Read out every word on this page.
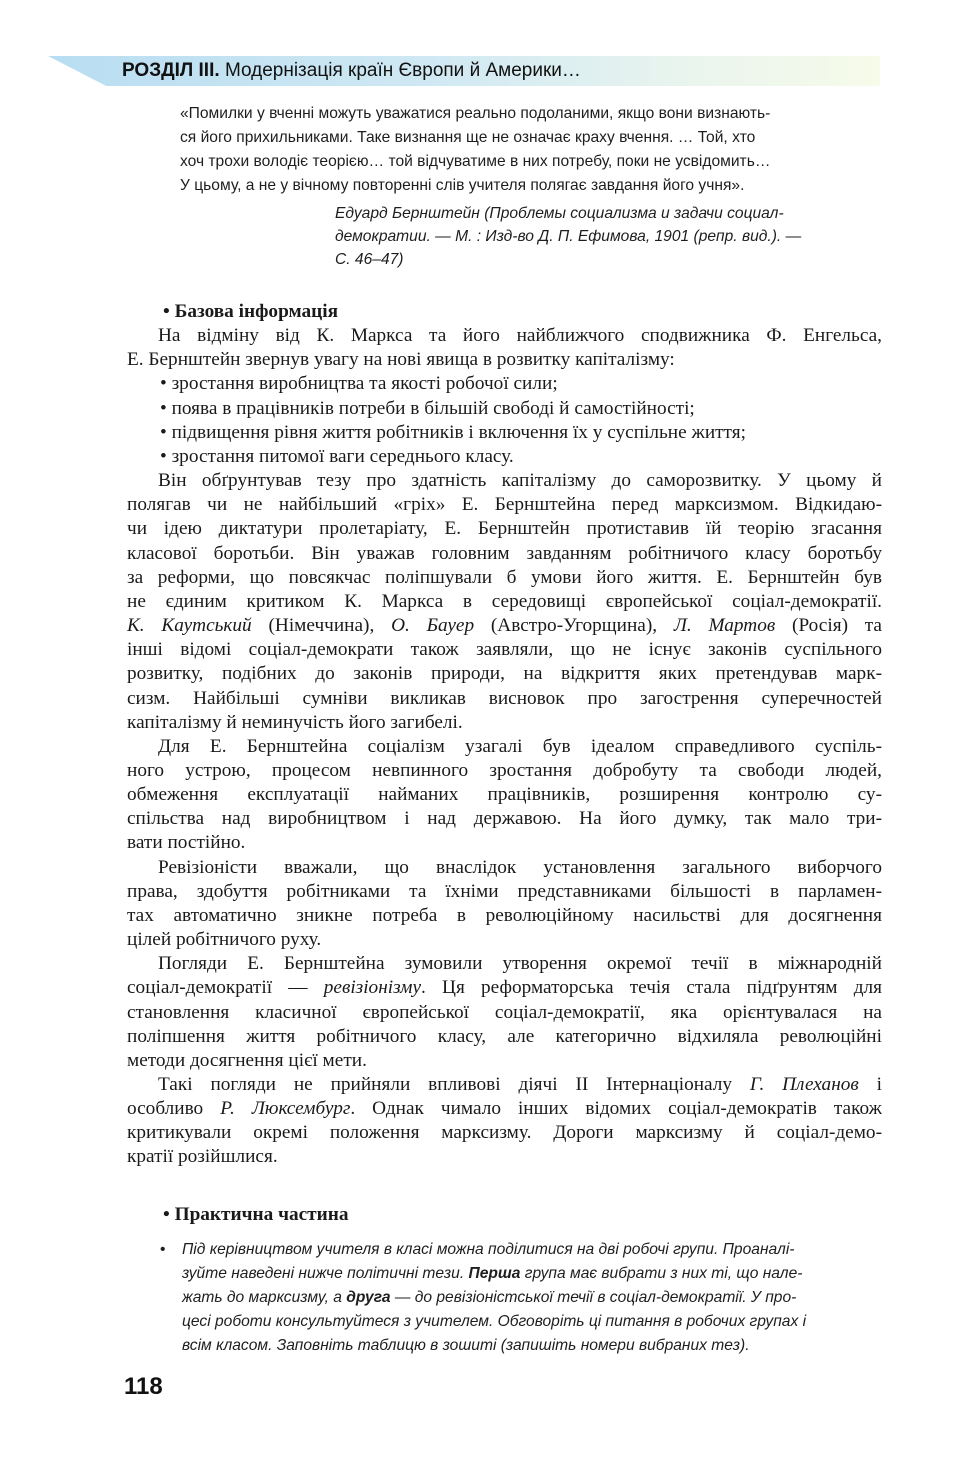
РОЗДІЛ III. Модернізація країн Європи й Америки…
«Помилки у вченні можуть уважатися реально подоланими, якщо вони визнають-
ся його прихильниками. Таке визнання ще не означає краху вчення. … Той, хто
хоч трохи володіє теорією… той відчуватиме в них потребу, поки не усвідомить…
У цьому, а не у вічному повторенні слів учителя полягає завдання його учня».
Едуард Бернштейн (Проблемы социализма и задачи социал-
демократии. — М. : Изд-во Д. П. Ефимова, 1901 (репр. вид.). —
С. 46–47)
• Базова інформація
На відміну від К. Маркса та його найближчого сподвижника Ф. Енгельса,
Е. Бернштейн звернув увагу на нові явища в розвитку капіталізму:
• зростання виробництва та якості робочої сили;
• поява в працівників потреби в більшій свободі й самостійності;
• підвищення рівня життя робітників і включення їх у суспільне життя;
• зростання питомої ваги середнього класу.
Він обґрунтував тезу про здатність капіталізму до саморозвитку. У цьому й
полягав чи не найбільший «гріх» Е. Бернштейна перед марксизмом. Відкидаю-
чи ідею диктатури пролетаріату, Е. Бернштейн протиставив їй теорію згасання
класової боротьби. Він уважав головним завданням робітничого класу боротьбу
за реформи, що повсякчас поліпшували б умови його життя. Е. Бернштейн був
не єдиним критиком К. Маркса в середовищі європейської соціал-демократії.
К. Каутський (Німеччина), О. Бауер (Австро-Угорщина), Л. Мартов (Росія) та
інші відомі соціал-демократи також заявляли, що не існує законів суспільного
розвитку, подібних до законів природи, на відкриття яких претендував марк-
сизм. Найбільші сумніви викликав висновок про загострення суперечностей
капіталізму й неминучість його загибелі.
Для Е. Бернштейна соціалізм узагалі був ідеалом справедливого суспіль-
ного устрою, процесом невпинного зростання добробуту та свободи людей,
обмеження експлуатації найманих працівників, розширення контролю су-
спільства над виробництвом і над державою. На його думку, так мало три-
вати постійно.
Ревізіоністи вважали, що внаслідок установлення загального виборчого
права, здобуття робітниками та їхніми представниками більшості в парламен-
тах автоматично зникне потреба в революційному насильстві для досягнення
цілей робітничого руху.
Погляди Е. Бернштейна зумовили утворення окремої течії в міжнародній
соціал-демократії — ревізіонізму. Ця реформаторська течія стала підґрунтям для
становлення класичної європейської соціал-демократії, яка орієнтувалася на
поліпшення життя робітничого класу, але категорично відхиляла революційні
методи досягнення цієї мети.
Такі погляди не прийняли впливові діячі II Інтернаціоналу Г. Плеханов і
особливо Р. Люксембург. Однак чимало інших відомих соціал-демократів також
критикували окремі положення марксизму. Дороги марксизму й соціал-демо-
кратії розійшлися.
• Практична частина
•	Під керівництвом учителя в класі можна поділитися на дві робочі групи. Проаналі-
зуйте наведені нижче політичні тези. Перша група має вибрати з них ті, що нале-
жать до марксизму, а друга — до ревізіоністської течії в соціал-демократії. У про-
цесі роботи консультуйтеся з учителем. Обговоріть ці питання в робочих групах і
всім класом. Заповніть таблицю в зошиті (запишіть номери вибраних тез).
118
